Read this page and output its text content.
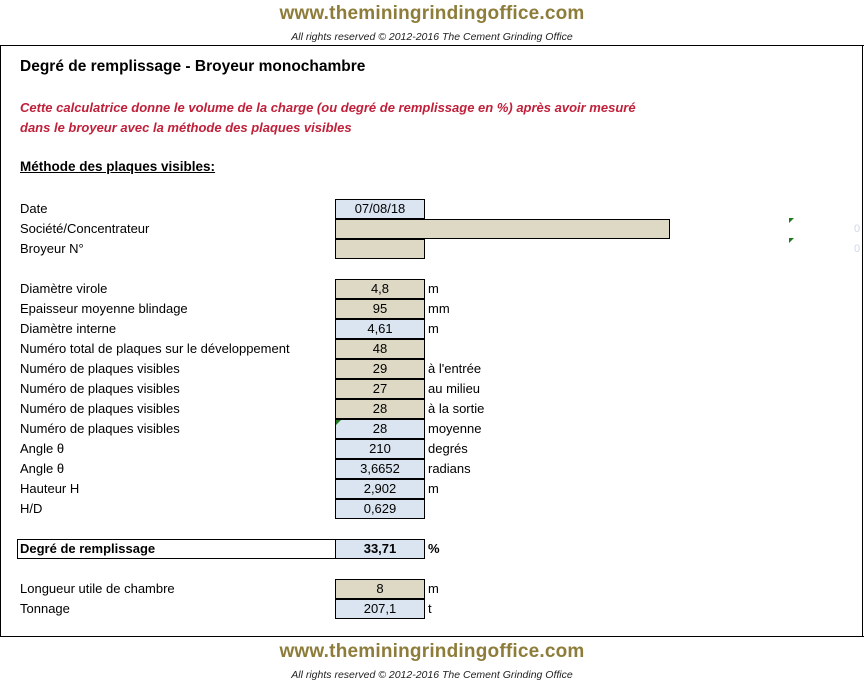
www.theminingrindingoffice.com
All rights reserved © 2012-2016 The Cement Grinding Office
Degré de remplissage - Broyeur monochambre
Cette calculatrice donne le volume de la charge (ou degré de remplissage en %) après avoir mesuré
dans le broyeur avec la méthode des plaques visibles
Méthode des plaques visibles:
Date	07/08/18
Société/Concentrateur
Broyeur N°
0
0
Diamètre virole	4,8	m
Epaisseur moyenne blindage	95	mm
Diamètre interne	4,61	m
Numéro total de plaques sur le développement	48
Numéro de plaques visibles	29	à l'entrée
Numéro de plaques visibles	27	au milieu
Numéro de plaques visibles	28	à la sortie
Numéro de plaques visibles	28	moyenne
Angle θ	210	degrés
Angle θ	3,6652	radians
Hauteur H	2,902	m
H/D	0,629
Degré de remplissage	33,71	%
Longueur utile de chambre	8	m
Tonnage	207,1	t
www.theminingrindingoffice.com
All rights reserved © 2012-2016 The Cement Grinding Office
